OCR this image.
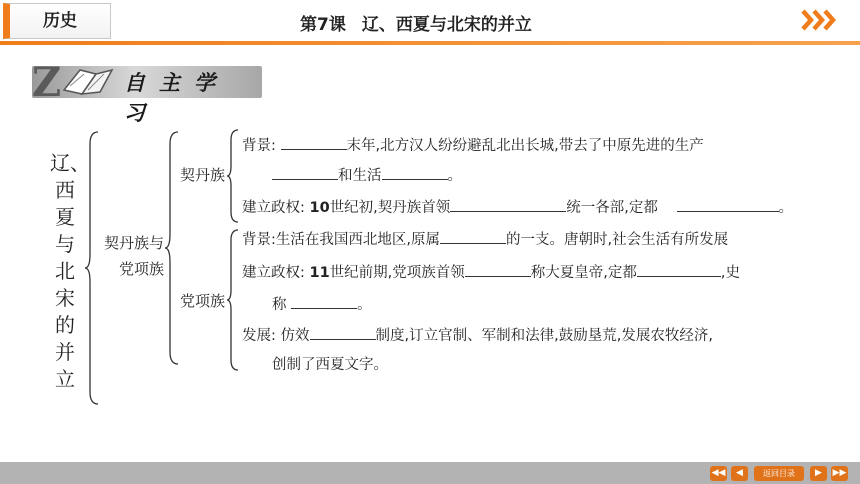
历史	第7课 辽、西夏与北宋的并立
Z	自主学习
辽、西夏与北宋的并立
契丹族与党项族
契丹族
党项族
背景:	末年,北方汉人纷纷避乱北出长城,带去了中原先进的生产
和生活	。
建立政权: 10世纪初,契丹族首领	统一各部,定都	。
背景:生活在我国西北地区,原属	的一支。唐朝时,社会生活有所发展
建立政权: 11世纪前期,党项族首领	称大夏皇帝,定都	,史
称	。
发展: 仿效	制度,订立官制、军制和法律,鼓励垦荒,发展农牧经济,
创制了西夏文字。
◀◀	◀	返回目录	▶	▶▶
